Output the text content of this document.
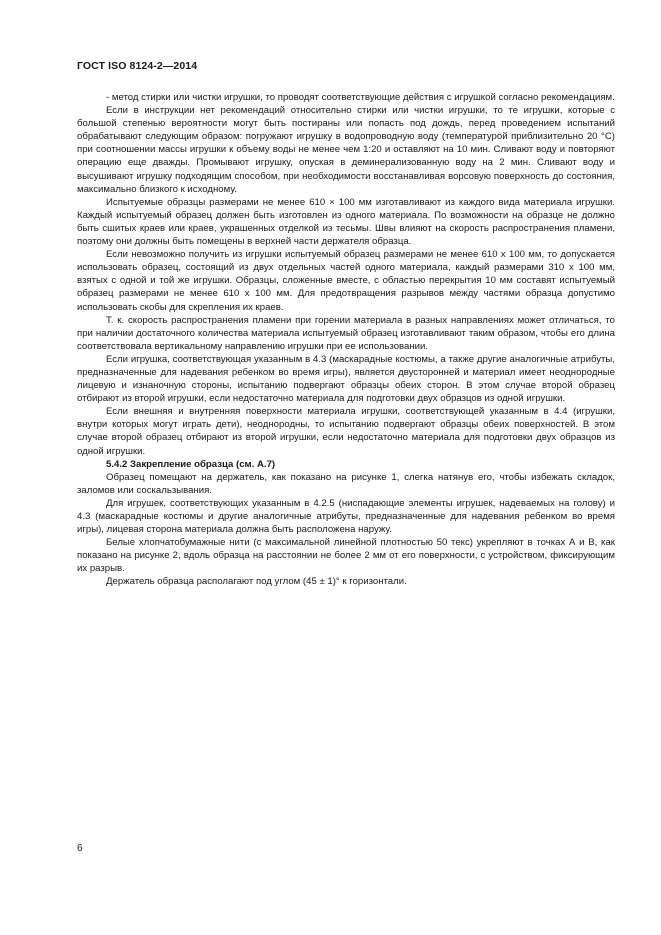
ГОСТ ISO 8124-2—2014

- метод стирки или чистки игрушки, то проводят соответствующие действия с игрушкой согласно рекомендациям.

Если в инструкции нет рекомендаций относительно стирки или чистки игрушки, то те игрушки, которые с большой степенью вероятности могут быть постираны или попасть под дождь, перед проведением испытаний обрабатывают следующим образом: погружают игрушку в водопроводную воду (температурой приблизительно 20 °С) при соотношении массы игрушки к объему воды не менее чем 1:20 и оставляют на 10 мин. Сливают воду и повторяют операцию еще дважды. Промывают игрушку, опуская в деминерализованную воду на 2 мин. Сливают воду и высушивают игрушку подходящим способом, при необходимости восстанавливая ворсовую поверхность до состояния, максимально близкого к исходному.

Испытуемые образцы размерами не менее 610 × 100 мм изготавливают из каждого вида материала игрушки. Каждый испытуемый образец должен быть изготовлен из одного материала. По возможности на образце не должно быть сшитых краев или краев, украшенных отделкой из тесьмы. Швы влияют на скорость распространения пламени, поэтому они должны быть помещены в верхней части держателя образца.

Если невозможно получить из игрушки испытуемый образец размерами не менее 610 x 100 мм, то допускается использовать образец, состоящий из двух отдельных частей одного материала, каждый размерами 310 x 100 мм, взятых с одной и той же игрушки. Образцы, сложенные вместе, с областью перекрытия 10 мм составят испытуемый образец размерами не менее 610 x 100 мм. Для предотвращения разрывов между частями образца допустимо использовать скобы для скрепления их краев.

Т. к. скорость распространения пламени при горении материала в разных направлениях может отличаться, то при наличии достаточного количества материала испытуемый образец изготавливают таким образом, чтобы его длина соответствовала вертикальному направлению игрушки при ее использовании.

Если игрушка, соответствующая указанным в 4.3 (маскарадные костюмы, а также другие аналогичные атрибуты, предназначенные для надевания ребенком во время игры), является двусторонней и материал имеет неоднородные лицевую и изнаночную стороны, испытанию подвергают образцы обеих сторон. В этом случае второй образец отбирают из второй игрушки, если недостаточно материала для подготовки двух образцов из одной игрушки.

Если внешняя и внутренняя поверхности материала игрушки, соответствующей указанным в 4.4 (игрушки, внутри которых могут играть дети), неоднородны, то испытанию подвергают образцы обеих поверхностей. В этом случае второй образец отбирают из второй игрушки, если недостаточно материала для подготовки двух образцов из одной игрушки.

5.4.2 Закрепление образца (см. А.7)

Образец помещают на держатель, как показано на рисунке 1, слегка натянув его, чтобы избежать складок, заломов или соскальзывания.

Для игрушек, соответствующих указанным в 4.2.5 (ниспадающие элементы игрушек, надеваемых на голову) и 4.3 (маскарадные костюмы и другие аналогичные атрибуты, предназначенные для надевания ребенком во время игры), лицевая сторона материала должна быть расположена наружу.

Белые хлопчатобумажные нити (с максимальной линейной плотностью 50 текс) укрепляют в точках А и В, как показано на рисунке 2, вдоль образца на расстоянии не более 2 мм от его поверхности, с устройством, фиксирующим их разрыв.

Держатель образца располагают под углом (45 ± 1)° к горизонтали.

6
